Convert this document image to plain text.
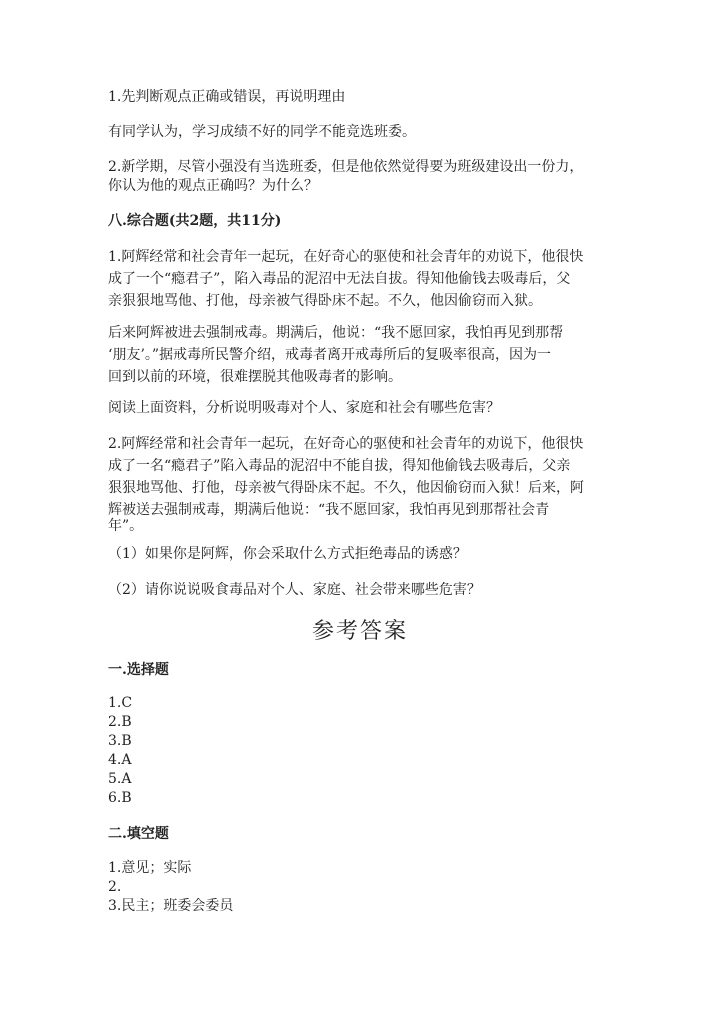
1.先判断观点正确或错误，再说明理由

有同学认为，学习成绩不好的同学不能竞选班委。

2.新学期，尽管小强没有当选班委，但是他依然觉得要为班级建设出一份力，

你认为他的观点正确吗？为什么？

八.综合题(共2题，共11分)

1.阿辉经常和社会青年一起玩，在好奇心的驱使和社会青年的劝说下，他很快

成了一个“瘾君子”，陷入毒品的泥沼中无法自拔。得知他偷钱去吸毒后，父

亲狠狠地骂他、打他，母亲被气得卧床不起。不久，他因偷窃而入狱。

后来阿辉被进去强制戒毒。期满后，他说：“我不愿回家，我怕再见到那帮

‘朋友’。”据戒毒所民警介绍，戒毒者离开戒毒所后的复吸率很高，因为一

回到以前的环境，很难摆脱其他吸毒者的影响。

阅读上面资料，分析说明吸毒对个人、家庭和社会有哪些危害？

2.阿辉经常和社会青年一起玩，在好奇心的驱使和社会青年的劝说下，他很快

成了一名“瘾君子”陷入毒品的泥沼中不能自拔，得知他偷钱去吸毒后，父亲

狠狠地骂他、打他，母亲被气得卧床不起。不久，他因偷窃而入狱！后来，阿

辉被送去强制戒毒，期满后他说：“我不愿回家，我怕再见到那帮社会青

年”。

（1）如果你是阿辉，你会采取什么方式拒绝毒品的诱惑？

（2）请你说说吸食毒品对个人、家庭、社会带来哪些危害？

参考答案

一.选择题

1.C
2.B
3.B
4.A
5.A
6.B

二.填空题

1.意见；实际
2.
3.民主；班委会委员
